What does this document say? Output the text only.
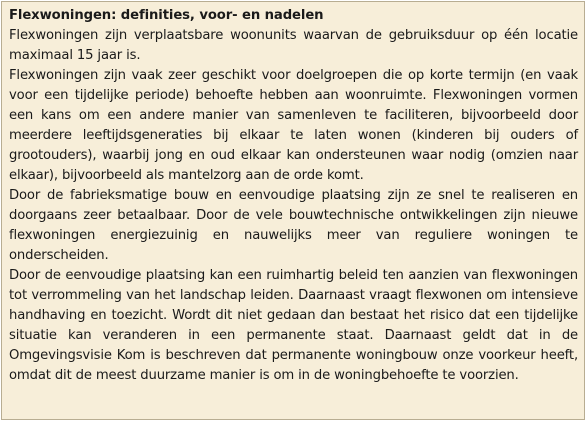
Flexwoningen: definities, voor- en nadelen

Flexwoningen zijn verplaatsbare woonunits waarvan de gebruiksduur op één locatie maximaal 15 jaar is.

Flexwoningen zijn vaak zeer geschikt voor doelgroepen die op korte termijn (en vaak voor een tijdelijke periode) behoefte hebben aan woonruimte. Flexwoningen vormen een kans om een andere manier van samenleven te faciliteren, bijvoorbeeld door meerdere leeftijdsgeneraties bij elkaar te laten wonen (kinderen bij ouders of grootouders), waarbij jong en oud elkaar kan ondersteunen waar nodig (omzien naar elkaar), bijvoorbeeld als mantelzorg aan de orde komt.

Door de fabrieksmatige bouw en eenvoudige plaatsing zijn ze snel te realiseren en doorgaans zeer betaalbaar. Door de vele bouwtechnische ontwikkelingen zijn nieuwe flexwoningen energiezuinig en nauwelijks meer van reguliere woningen te onderscheiden.

Door de eenvoudige plaatsing kan een ruimhartig beleid ten aanzien van flexwoningen tot verrommeling van het landschap leiden. Daarnaast vraagt flexwonen om intensieve handhaving en toezicht. Wordt dit niet gedaan dan bestaat het risico dat een tijdelijke situatie kan veranderen in een permanente staat. Daarnaast geldt dat in de Omgevingsvisie Kom is beschreven dat permanente woningbouw onze voorkeur heeft, omdat dit de meest duurzame manier is om in de woningbehoefte te voorzien.
